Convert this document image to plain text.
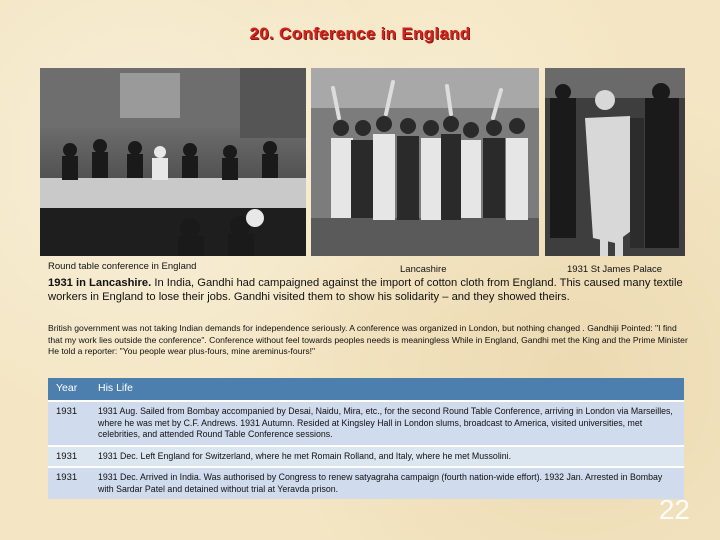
20. Conference in England
Round table conference in England	Lancashire	1931 St James Palace
1931 in Lancashire. In India, Gandhi had campaigned against the import of cotton cloth from England. This caused many textile workers in England to lose their jobs. Gandhi visited them to show his solidarity – and they showed theirs.
British government was not taking Indian demands for independence seriously. A conference was organized in London, but nothing changed . Gandhiji Pointed: "I find that my work lies outside the conference". Conference without feel towards peoples needs is meaningless While in England, Gandhi met the King and the Prime Minister He told a reporter: "You people wear plus-fours, mine areminus-fours!"
Year	His Life
1931	1931 Aug. Sailed from Bombay accompanied by Desai, Naidu, Mira, etc., for the second Round Table Conference, arriving in London via Marseilles, where he was met by C.F. Andrews. 1931 Autumn. Resided at Kingsley Hall in London slums, broadcast to America, visited universities, met celebrities, and attended Round Table Conference sessions.
1931	1931 Dec. Left England for Switzerland, where he met Romain Rolland, and Italy, where he met Mussolini.
1931	1931 Dec. Arrived in India. Was authorised by Congress to renew satyagraha campaign (fourth nation-wide effort). 1932 Jan. Arrested in Bombay with Sardar Patel and detained without trial at Yeravda prison.
22
